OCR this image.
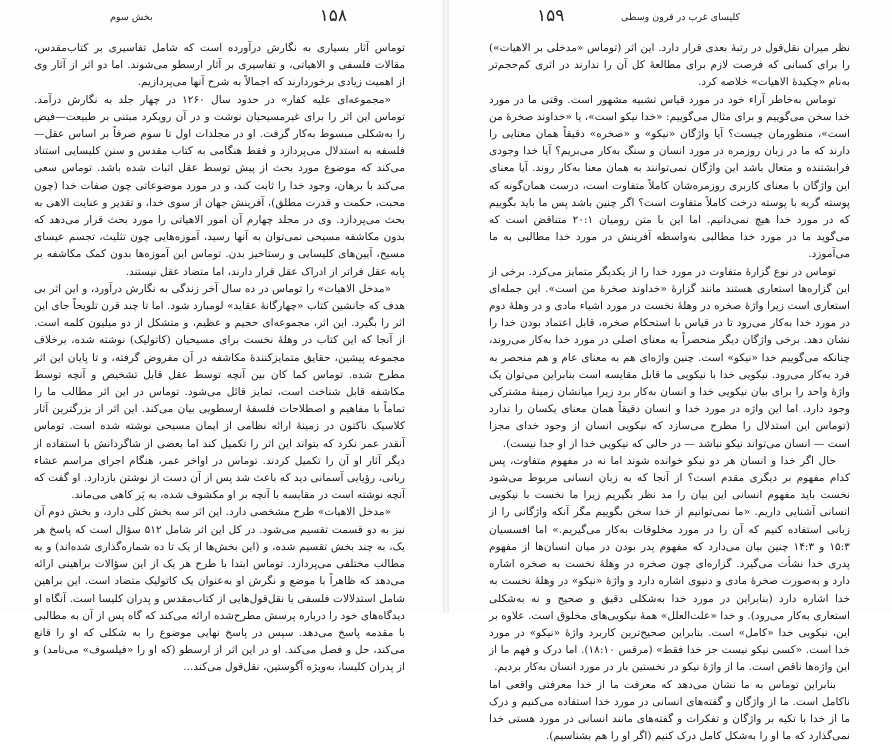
۱۵۸
بخش سوم

توماس آثار بسیاری به نگارش درآورده است که شامل تفاسیری بر کتاب‌مقدس، مقالات فلسفی و الاهیاتی، و تفاسیری بر آثار ارسطو می‌شوند. اما دو اثر از آثار وی از اهمیت زیادی برخوردارند که اجمالاً به شرح آنها می‌پردازیم.

«مجموعه‌ای علیه کفار» در حدود سال ۱۲۶۰ در چهار جلد به نگارش درآمد. توماس این اثر را برای غیرمسیحیان نوشت و در آن رویکرد مبتنی بر طبیعت—فیض را به‌شکلی مبسوط به‌کار گرفت. او در مجلدات اول تا سوم صرفاً بر اساس عقل—فلسفه به استدلال می‌پردازد و فقط هنگامی به کتاب مقدس و سنن کلیسایی استناد می‌کند که موضوع مورد بحث از پیش توسط عقل اثبات شده باشد. توماس سعی می‌کند با برهان، وجود خدا را ثابت کند، و در مورد موضوعاتی چون صفات خدا (چون محبت، حکمت و قدرت مطلق)، آفرینش جهان از سوی خدا، و تقدیر و عنایت الاهی به بحث می‌پردازد. وی در مجلد چهارم آن امور الاهیاتی را مورد بحث قرار می‌دهد که بدون مکاشفه مسیحی نمی‌توان به آنها رسید، آموزه‌هایی چون تثلیث، تجسم عیسای مسیح، آیین‌های کلیسایی و رستاخیز بدن. توماس این آموزه‌ها بدون کمک مکاشفه بر پایه عقل فراتر از ادراک عقل قرار دارند، اما متضاد عقل نیستند.

«مدخل الاهیات» را توماس در ده سال آخر زندگی به نگارش درآورد، و این اثر بی هدف که جانشین کتاب «چهارگانهٔ عقاید» لومبارد شود. اما تا چند قرن تلویحاً جای این اثر را بگیرد. این اثر، مجموعه‌ای حجیم و عظیم، و متشکل از دو میلیون کلمه است. از آنجا که این کتاب در وهلهٔ نخست برای مسیحیان (کاتولیک) نوشته شده، برخلاف مجموعه پیشین، حقایق متمایزکنندهٔ مکاشفه در آن مفروض گرفته، و تا پایان این اثر مطرح شده. توماس کما کان بین آنچه توسط عقل قابل تشخیص و آنچه توسط مکاشفه قابل شناخت است، تمایز قائل می‌شود. توماس در این اثر مطالب ما را تماماً با مفاهیم و اصطلاحات فلسفهٔ ارسطویی بیان می‌کند. این اثر از بزرگترین آثار کلاسیک ناکتون در زمینهٔ ارائه نظامی از ایمان مسیحی نوشته شده است. توماس آنقدر عمر نکرد که بتواند این اثر را تکمیل کند اما بعضی از شاگردانش با استفاده از دیگر آثار او آن را تکمیل کردند. توماس در اواخر عمر، هنگام اجرای مراسم عشاء ربانی، رؤیایی آسمانی دید که باعث شد پس از آن دست از نوشتن بازدارد. او گفت که آنچه نوشته است در مقایسه با آنچه بر او مکشوف شده، به پَر کاهی می‌ماند.

«مدخل الاهیات» طرح مشخصی دارد. این اثر سه بخش کلی دارد، و بخش دوم آن نیز به دو قسمت تقسیم می‌شود. در کل این اثر شامل ۵۱۲ سؤال است که پاسخ هر یک، به چند بخش تقسیم شده، و (این بخش‌ها از یک تا ده شماره‌گذاری شده‌اند) و به مطالب مختلفی می‌پردازد. توماس ابتدا با طرح هر یک از این سؤالات براهینی ارائه می‌دهد که ظاهراً با موضع و نگرش او به‌عنوان یک کاتولیک متضاد است. این براهین شامل استدلالات فلسفی یا نقل‌قول‌هایی از کتاب‌مقدس و پدران کلیسا است. آنگاه او دیدگاه‌های خود را درباره پرسش مطرح‌شده ارائه می‌کند که گاه پس از آن به مطالبی با مقدمه پاسخ می‌دهد. سپس در پاسخ نهایی موضوع را به شکلی که او را قانع می‌کند، حل و فصل می‌کند. او در این اثر از ارسطو (که او را «فیلسوف» می‌نامد) و از پدران کلیسا، به‌ویژه آگوستین، نقل‌قول می‌کند...

۱۵۹	کلیسای غرب در قرون وسطی

نظر میران نقل‌قول در رتبهٔ بعدی قرار دارد. این اثر (توماس «مدخلی بر الاهیات») را برای کسانی که فرصت لازم برای مطالعهٔ کل آن را ندارند در اثری کم‌حجم‌تر به‌نام «چکیدهٔ الاهیات» خلاصه کرد.

توماس به‌خاطر آراء خود در مورد قیاس تشبیه مشهور است. وقتی ما در مورد خدا سخن می‌گوییم و برای مثال می‌گوییم: «خدا نیکو است»، یا «خداوند صخرهٔ من است»، منظورمان چیست؟ آیا واژگان «نیکو» و «صخره» دقیقاً همان معنایی را دارند که ما در زبان روزمره در مورد انسان و سنگ به‌کار می‌بریم؟ آیا خدا وجودی فرابشتنده و متعال باشد این واژگان نمی‌توانند به همان معنا به‌کار روند. آیا معنای این واژگان با معنای کاربری روزمره‌شان کاملاً متفاوت است، درست همان‌گونه که پوسته گربه با پوسته درخت کاملاً متفاوت است؟ اگر چنین باشد پس ما باید بگوییم که در مورد خدا هیچ نمی‌دانیم. اما این با متن رومیان ۲۰:۱ متناقض است که می‌گوید ما در مورد خدا مطالبی به‌واسطه آفرینش در مورد خدا مطالبی به ما می‌آموزد.

توماس در نوع گزارهٔ متفاوت در مورد خدا را از یکدیگر متمایز می‌کرد. برخی از این گزاره‌ها استعاری هستند مانند گزارهٔ «خداوند صخرهٔ من است». این جمله‌ای استعاری است زیرا واژهٔ صخره در وهلهٔ نخست در مورد اشیاء مادی و در وهلهٔ دوم در مورد خدا به‌کار می‌رود تا در قیاس با استحکام صخره، قابل اعتماد بودن خدا را نشان دهد. برخی واژگان دیگر منحصراً به معنای اصلی در مورد خدا به‌کار می‌روند، چنانکه می‌گوییم خدا «نیکو» است. چنین واژه‌ای هم به معنای عام و هم منحصر به فرد به‌کار می‌رود. نیکویی خدا با نیکویی ما قابل مقایسه است بنابراین می‌توان یک واژهٔ واحد را برای بیان نیکویی خدا و انسان به‌کار برد زیرا میانشان زمینهٔ مشترکی وجود دارد. اما این واژه در مورد خدا و انسان دقیقاً همان معنای یکسان را ندارد (توماس این استدلال را مطرح می‌سازد که نیکویی انسان از وجود خدای مجزا است — انسان می‌تواند نیکو نباشد — در حالی که نیکویی خدا از او جدا نیست).

حال اگر خدا و انسان هر دو نیکو خوانده شوند اما نه در مفهوم متفاوت، پس کدام مفهوم بر دیگری مقدم است؟ از آنجا که به زبان انسانی مربوط می‌شود نخست باید مفهوم انسانی این بیان را مد نظر بگیریم زیرا ما نخست با نیکویی انسانی آشنایی داریم. «ما نمی‌توانیم از خدا سخن بگوییم مگر آنکه واژگانی را از زبانی استفاده کنیم که آن را در مورد مخلوقات به‌کار می‌گیریم.» اما افسسیان ۱۵:۳ و ۱۴:۳ چنین بیان می‌دارد که مفهوم پدر بودن در میان انسان‌ها از مفهوم پدری خدا نشأت می‌گیرد. گزاره‌ای چون صخره در وهلهٔ نخست به صخره اشاره دارد و به‌صورت صخرهٔ مادی و دنیوی اشاره دارد و واژهٔ «نیکو» در وهلهٔ نخست به خدا اشاره دارد (بنابراین در مورد خدا به‌شکلی دقیق و صحیح و نه به‌شکلی استعاری به‌کار می‌رود). و خدا «علت‌العلل» همهٔ نیکویی‌های مخلوق است. علاوه بر این، نیکویی خدا «کامل» است. بنابراین صحیح‌ترین کاربرد واژهٔ «نیکو» در مورد خدا است. «کسی نیکو نیست جز خدا فقط» (مرقس ۱۸:۱۰). اما درک و فهم ما از این واژه‌ها ناقص است. ما از واژهٔ نیکو در نخستین بار در مورد انسان به‌کار بردیم.

بنابراین توماس به ما نشان می‌دهد که معرفت ما از خدا معرفتی واقعی اما ناکامل است. ما از واژگان و گفته‌های انسانی در مورد خدا استفاده می‌کنیم و درک ما از خدا با تکیه بر واژگان و تفکرات و گفته‌های مانند انسانی در مورد هستی خدا نمی‌گذارد که ما او را به‌شکل کامل درک کنیم (اگر او را هم بشناسیم).
